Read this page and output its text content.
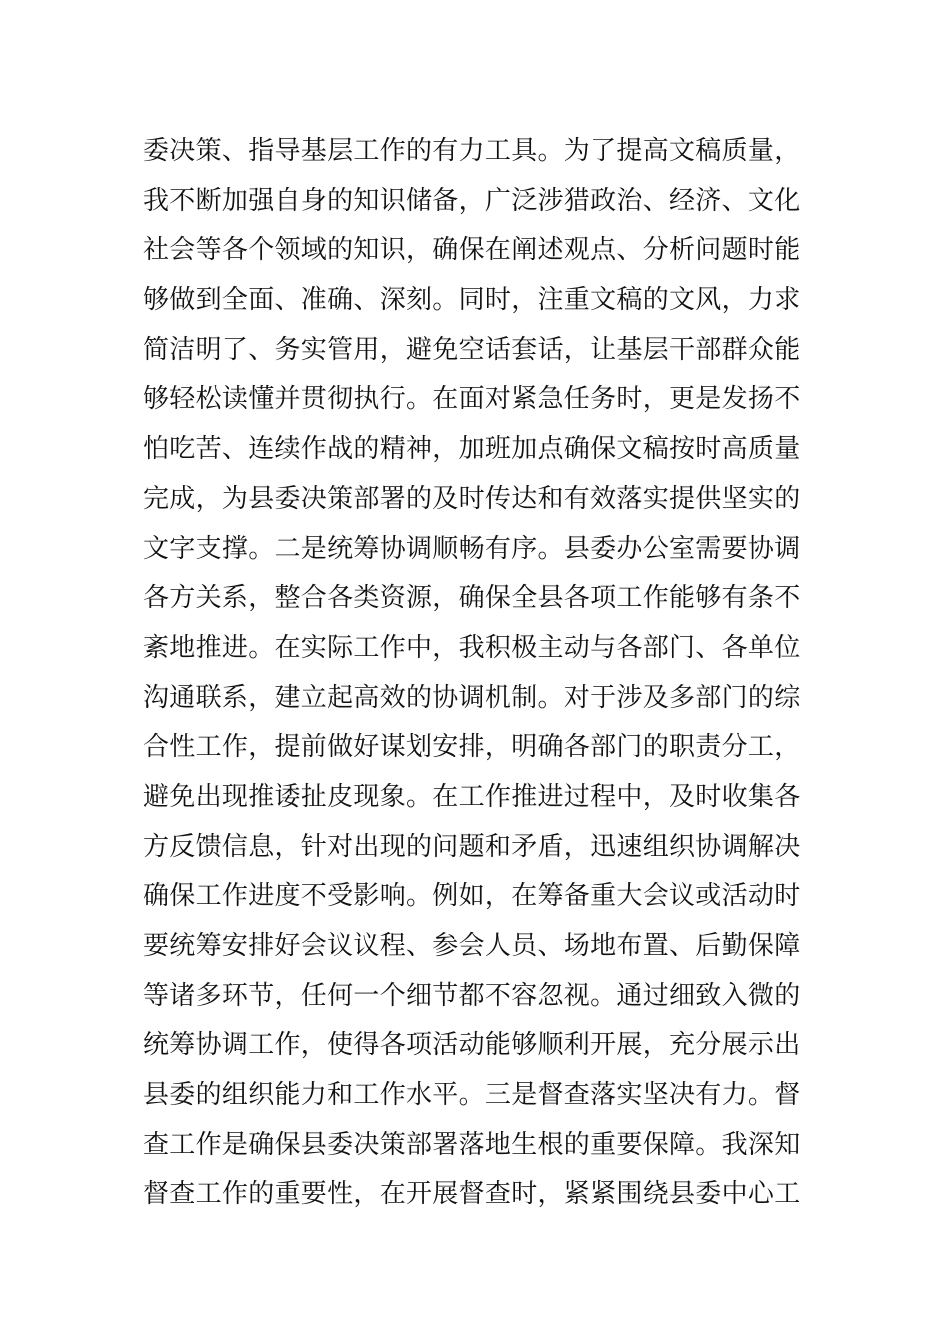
委决策、指导基层工作的有力工具。为了提高文稿质量，
我不断加强自身的知识储备，广泛涉猎政治、经济、文化
社会等各个领域的知识，确保在阐述观点、分析问题时能
够做到全面、准确、深刻。同时，注重文稿的文风，力求
简洁明了、务实管用，避免空话套话，让基层干部群众能
够轻松读懂并贯彻执行。在面对紧急任务时，更是发扬不
怕吃苦、连续作战的精神，加班加点确保文稿按时高质量
完成，为县委决策部署的及时传达和有效落实提供坚实的
文字支撑。二是统筹协调顺畅有序。县委办公室需要协调
各方关系，整合各类资源，确保全县各项工作能够有条不
紊地推进。在实际工作中，我积极主动与各部门、各单位
沟通联系，建立起高效的协调机制。对于涉及多部门的综
合性工作，提前做好谋划安排，明确各部门的职责分工，
避免出现推诿扯皮现象。在工作推进过程中，及时收集各
方反馈信息，针对出现的问题和矛盾，迅速组织协调解决
确保工作进度不受影响。例如，在筹备重大会议或活动时
要统筹安排好会议议程、参会人员、场地布置、后勤保障
等诸多环节，任何一个细节都不容忽视。通过细致入微的
统筹协调工作，使得各项活动能够顺利开展，充分展示出
县委的组织能力和工作水平。三是督查落实坚决有力。督
查工作是确保县委决策部署落地生根的重要保障。我深知
督查工作的重要性，在开展督查时，紧紧围绕县委中心工
